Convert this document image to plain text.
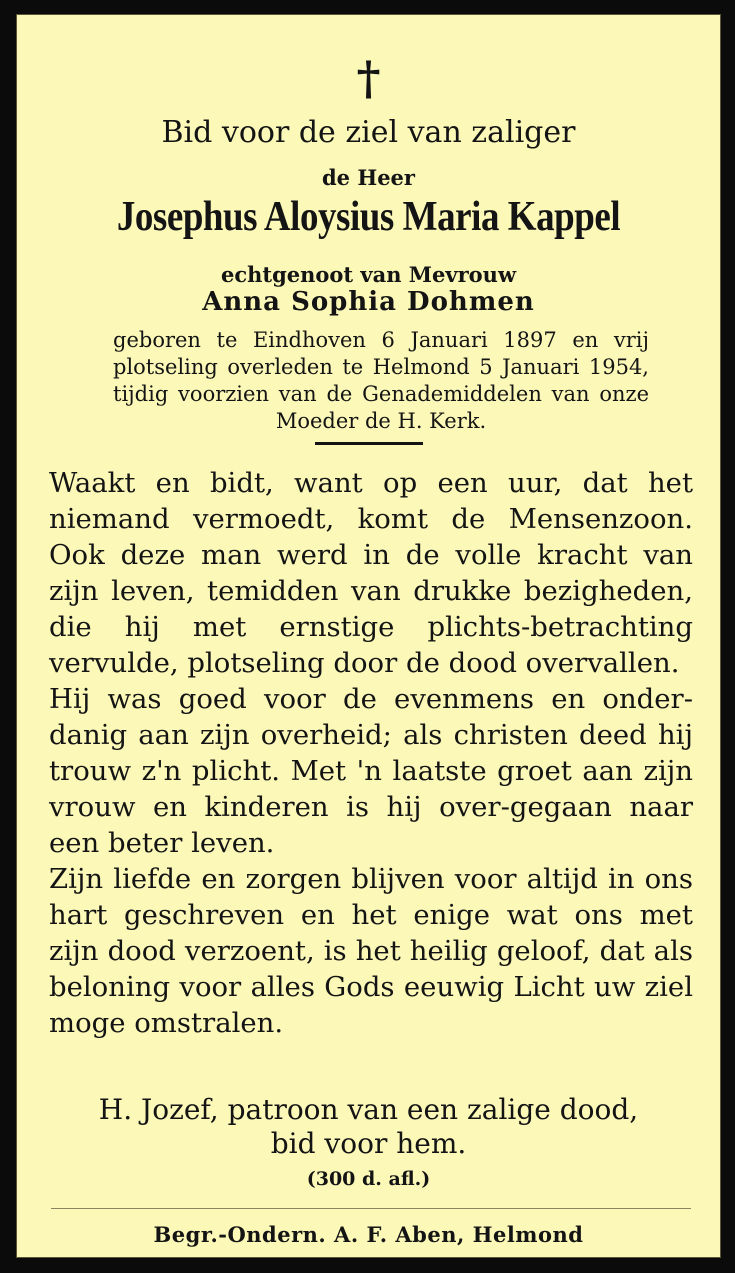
†
Bid voor de ziel van zaliger
de Heer
Josephus Aloysius Maria Kappel
echtgenoot van Mevrouw
Anna Sophia Dohmen
geboren te Eindhoven 6 Januari 1897 en vrij plotseling overleden te Helmond 5 Januari 1954, tijdig voorzien van de Genademiddelen van onze Moeder de H. Kerk.

Waakt en bidt, want op een uur, dat het niemand vermoedt, komt de Mensenzoon. Ook deze man werd in de volle kracht van zijn leven, temidden van drukke bezigheden, die hij met ernstige plichts-betrachting vervulde, plotseling door de dood overvallen.

Hij was goed voor de evenmens en onder-danig aan zijn overheid; als christen deed hij trouw z'n plicht. Met 'n laatste groet aan zijn vrouw en kinderen is hij over-gegaan naar een beter leven.

Zijn liefde en zorgen blijven voor altijd in ons hart geschreven en het enige wat ons met zijn dood verzoent, is het heilig geloof, dat als beloning voor alles Gods eeuwig Licht uw ziel moge omstralen.

H. Jozef, patroon van een zalige dood,
bid voor hem.
(300 d. afl.)
Begr.-Ondern. A. F. Aben, Helmond
